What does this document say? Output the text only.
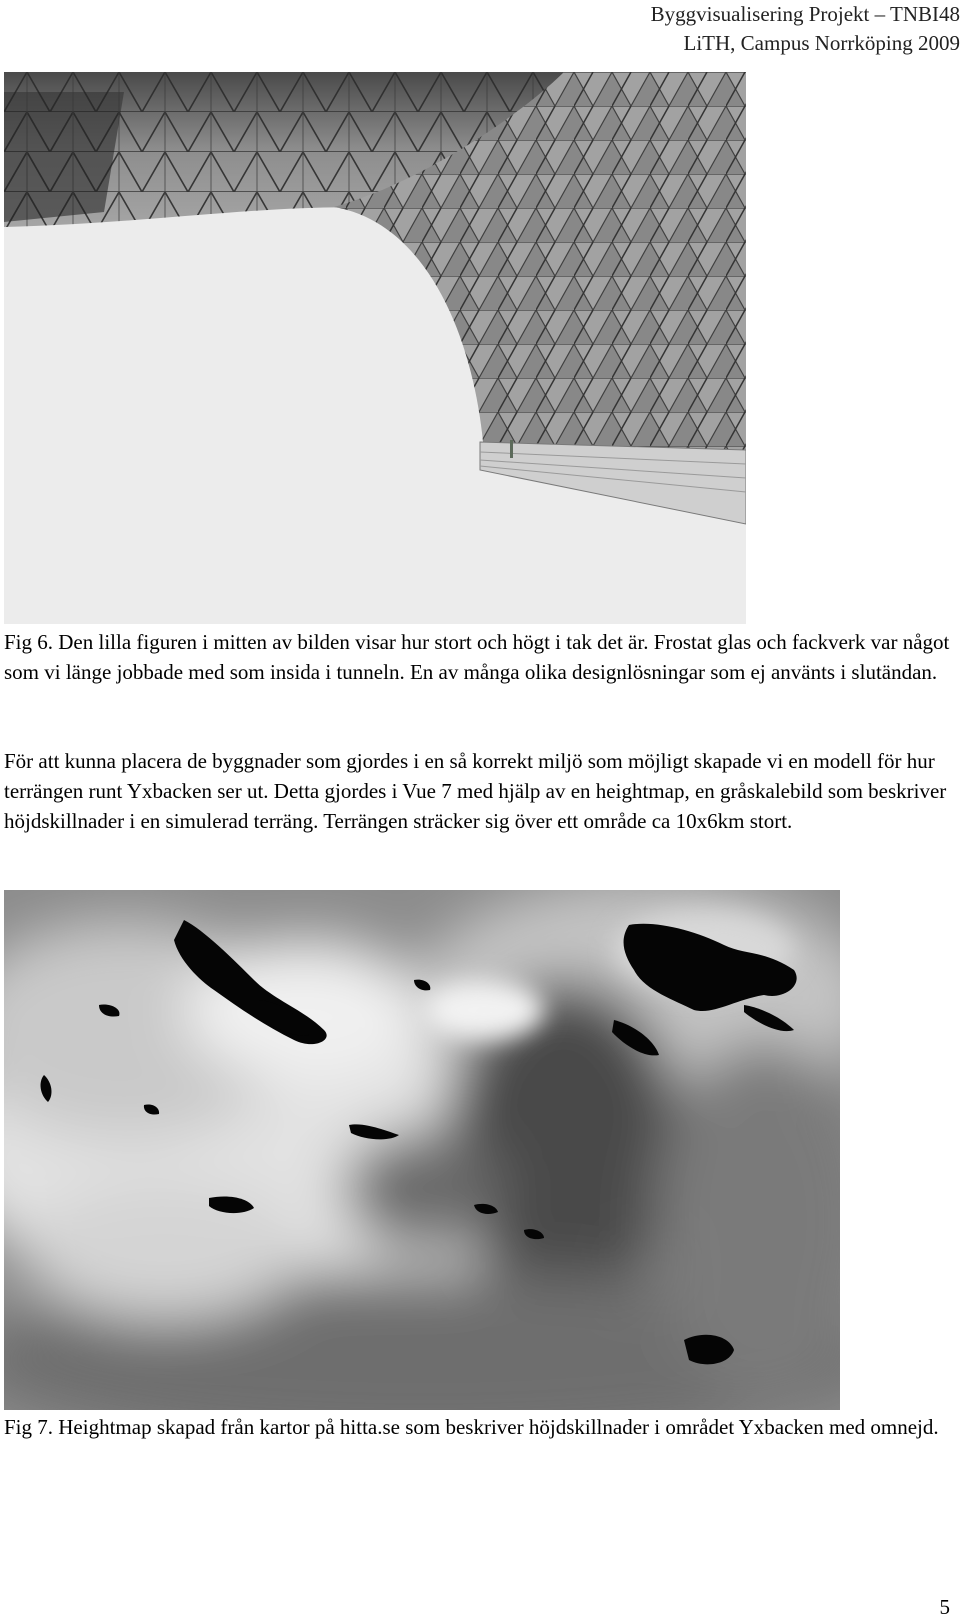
Byggvisualisering Projekt – TNBI48
LiTH, Campus Norrköping 2009
Fig 6. Den lilla figuren i mitten av bilden visar hur stort och högt i tak det är. Frostat glas och fackverk var något som vi länge jobbade med som insida i tunneln. En av många olika designlösningar som ej använts i slutändan.
För att kunna placera de byggnader som gjordes i en så korrekt miljö som möjligt skapade vi en modell för hur terrängen runt Yxbacken ser ut. Detta gjordes i Vue 7 med hjälp av en heightmap, en gråskalebild som beskriver höjdskillnader i en simulerad terräng. Terrängen sträcker sig över ett område ca 10x6km stort.
Fig 7. Heightmap skapad från kartor på hitta.se som beskriver höjdskillnader i området Yxbacken med omnejd.
5
